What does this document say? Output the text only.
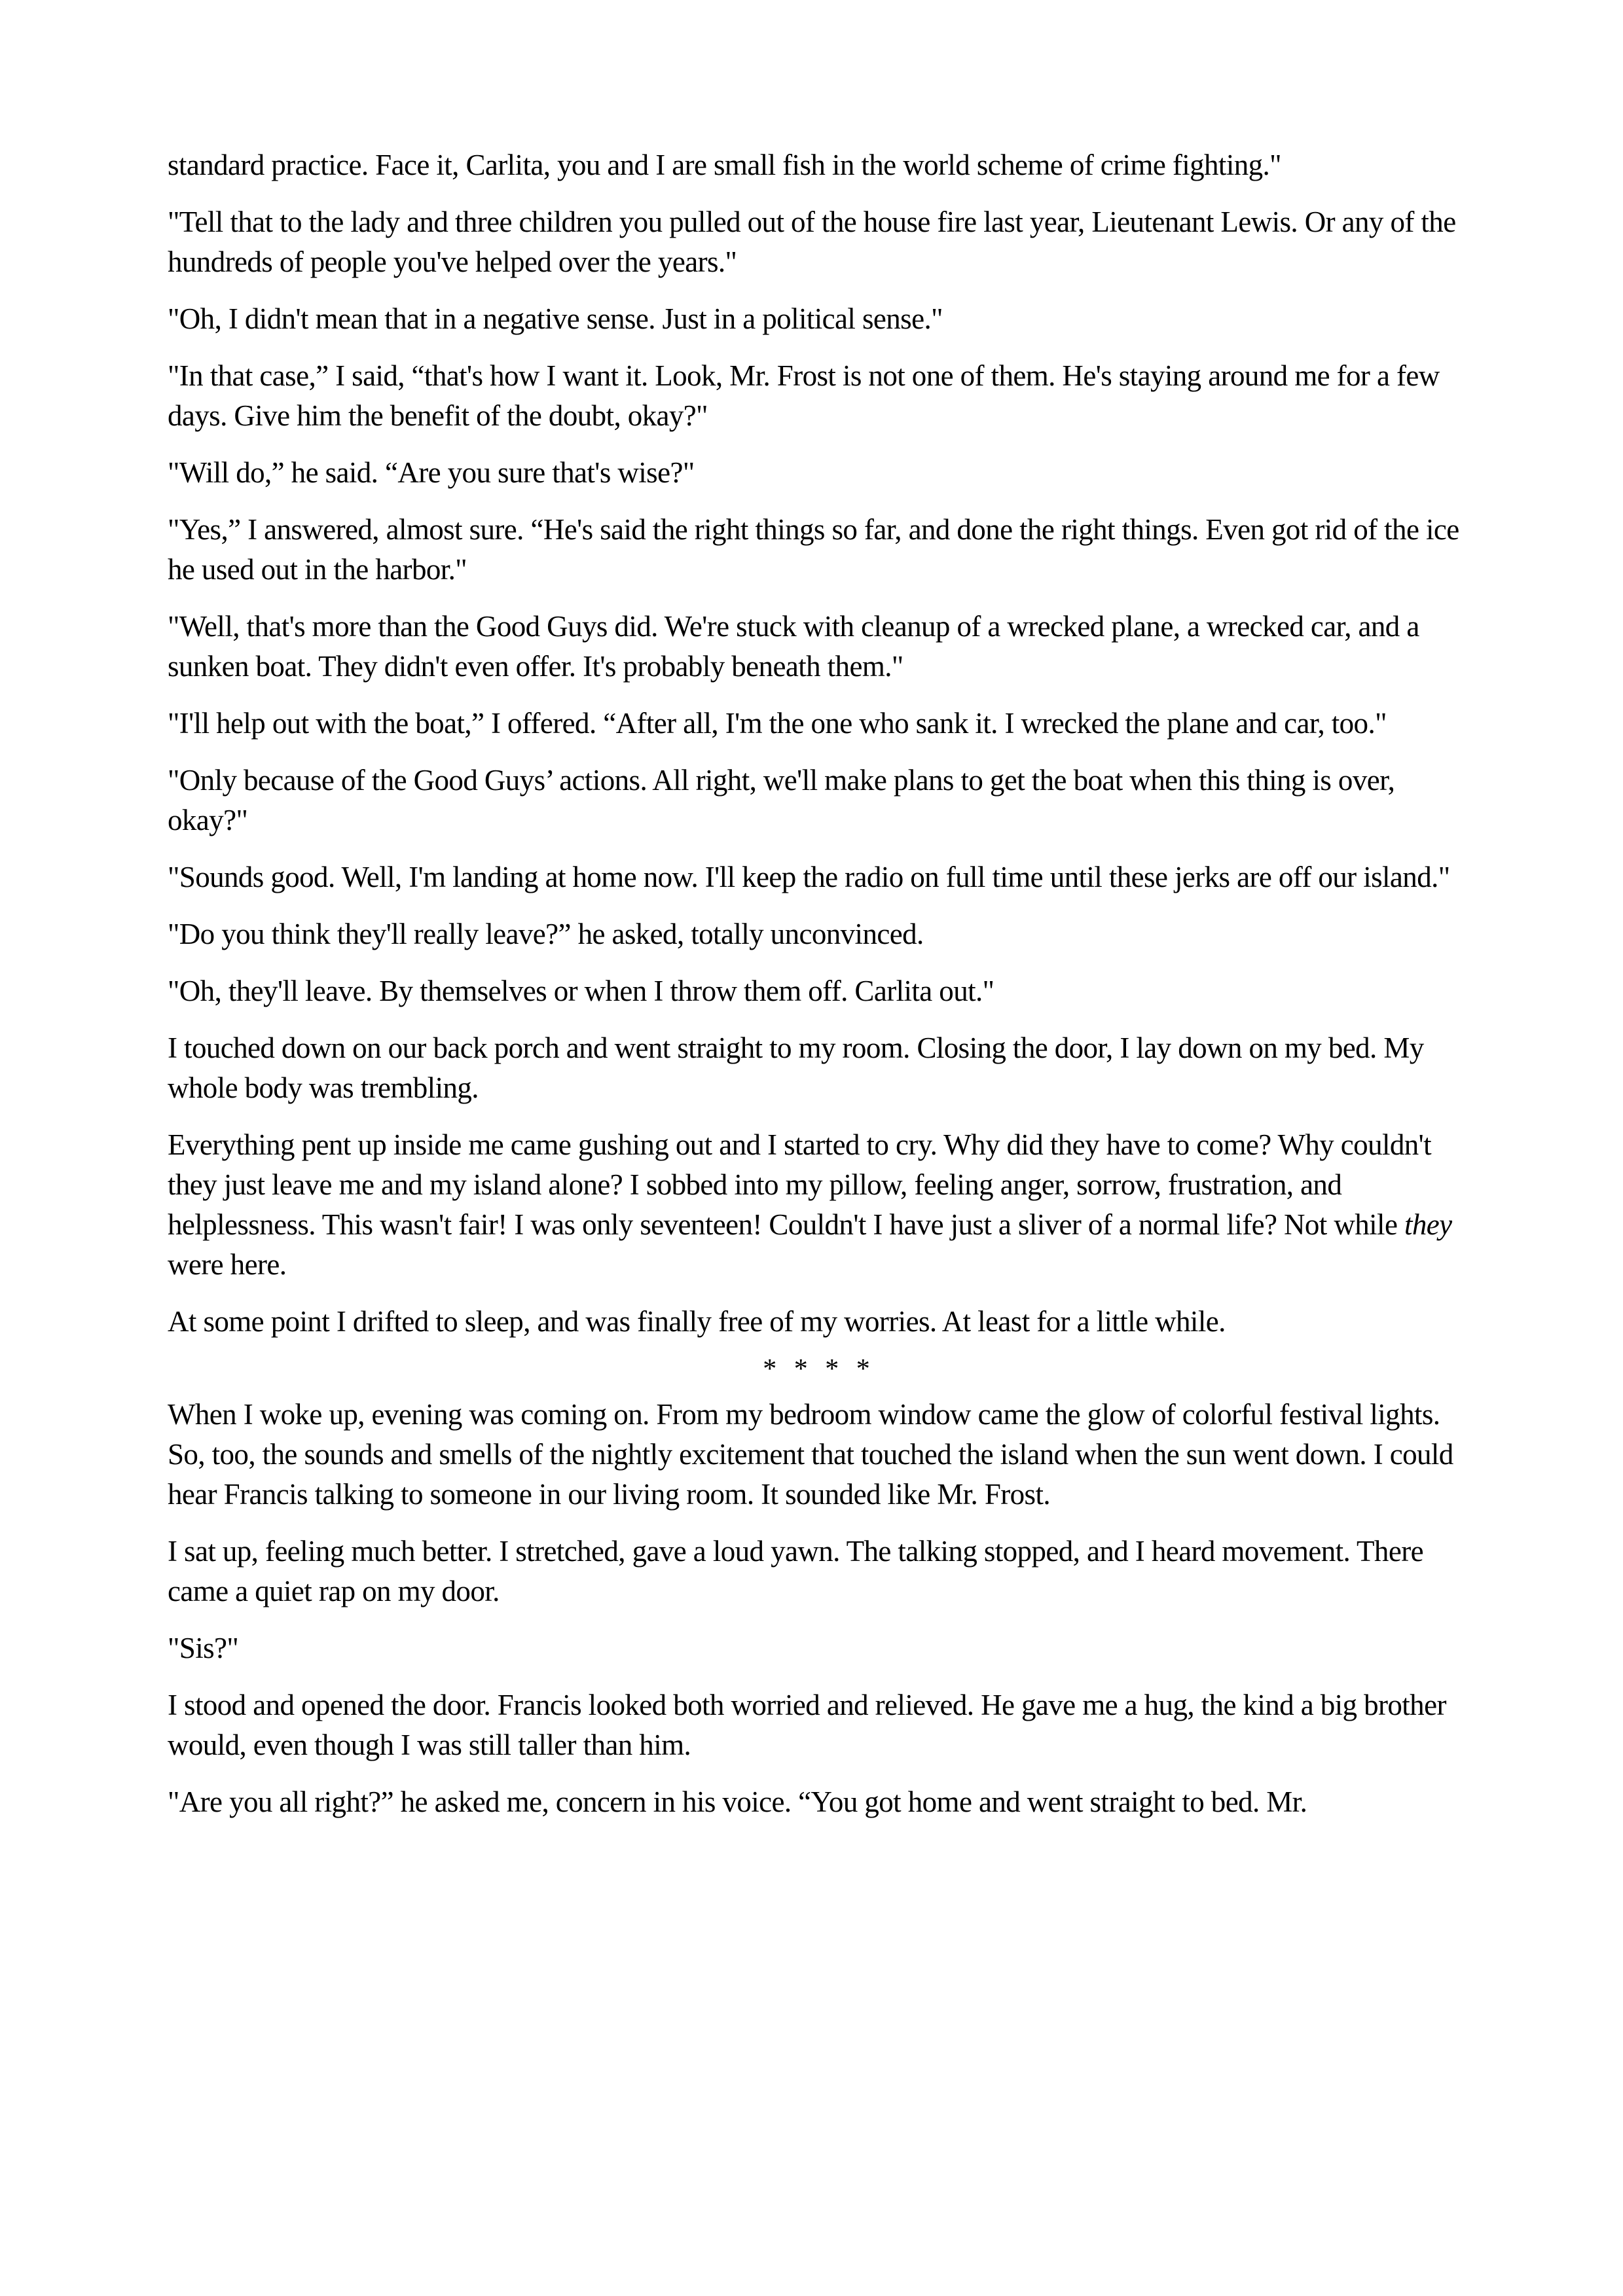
standard practice. Face it, Carlita, you and I are small fish in the world scheme of crime fighting."

"Tell that to the lady and three children you pulled out of the house fire last year, Lieutenant Lewis. Or any of the hundreds of people you've helped over the years."

"Oh, I didn't mean that in a negative sense. Just in a political sense."

"In that case,” I said, “that's how I want it. Look, Mr. Frost is not one of them. He's staying around me for a few days. Give him the benefit of the doubt, okay?"

"Will do,” he said. “Are you sure that's wise?"

"Yes,” I answered, almost sure. “He's said the right things so far, and done the right things. Even got rid of the ice he used out in the harbor."

"Well, that's more than the Good Guys did. We're stuck with cleanup of a wrecked plane, a wrecked car, and a sunken boat. They didn't even offer. It's probably beneath them."

"I'll help out with the boat,” I offered. “After all, I'm the one who sank it. I wrecked the plane and car, too."

"Only because of the Good Guys’ actions. All right, we'll make plans to get the boat when this thing is over, okay?"

"Sounds good. Well, I'm landing at home now. I'll keep the radio on full time until these jerks are off our island."

"Do you think they'll really leave?” he asked, totally unconvinced.

"Oh, they'll leave. By themselves or when I throw them off. Carlita out."

I touched down on our back porch and went straight to my room. Closing the door, I lay down on my bed. My whole body was trembling.

Everything pent up inside me came gushing out and I started to cry. Why did they have to come? Why couldn't they just leave me and my island alone? I sobbed into my pillow, feeling anger, sorrow, frustration, and helplessness. This wasn't fair! I was only seventeen! Couldn't I have just a sliver of a normal life? Not while they were here.

At some point I drifted to sleep, and was finally free of my worries. At least for a little while.

* * * *

When I woke up, evening was coming on. From my bedroom window came the glow of colorful festival lights. So, too, the sounds and smells of the nightly excitement that touched the island when the sun went down. I could hear Francis talking to someone in our living room. It sounded like Mr. Frost.

I sat up, feeling much better. I stretched, gave a loud yawn. The talking stopped, and I heard movement. There came a quiet rap on my door.

"Sis?"

I stood and opened the door. Francis looked both worried and relieved. He gave me a hug, the kind a big brother would, even though I was still taller than him.

"Are you all right?” he asked me, concern in his voice. “You got home and went straight to bed. Mr.
